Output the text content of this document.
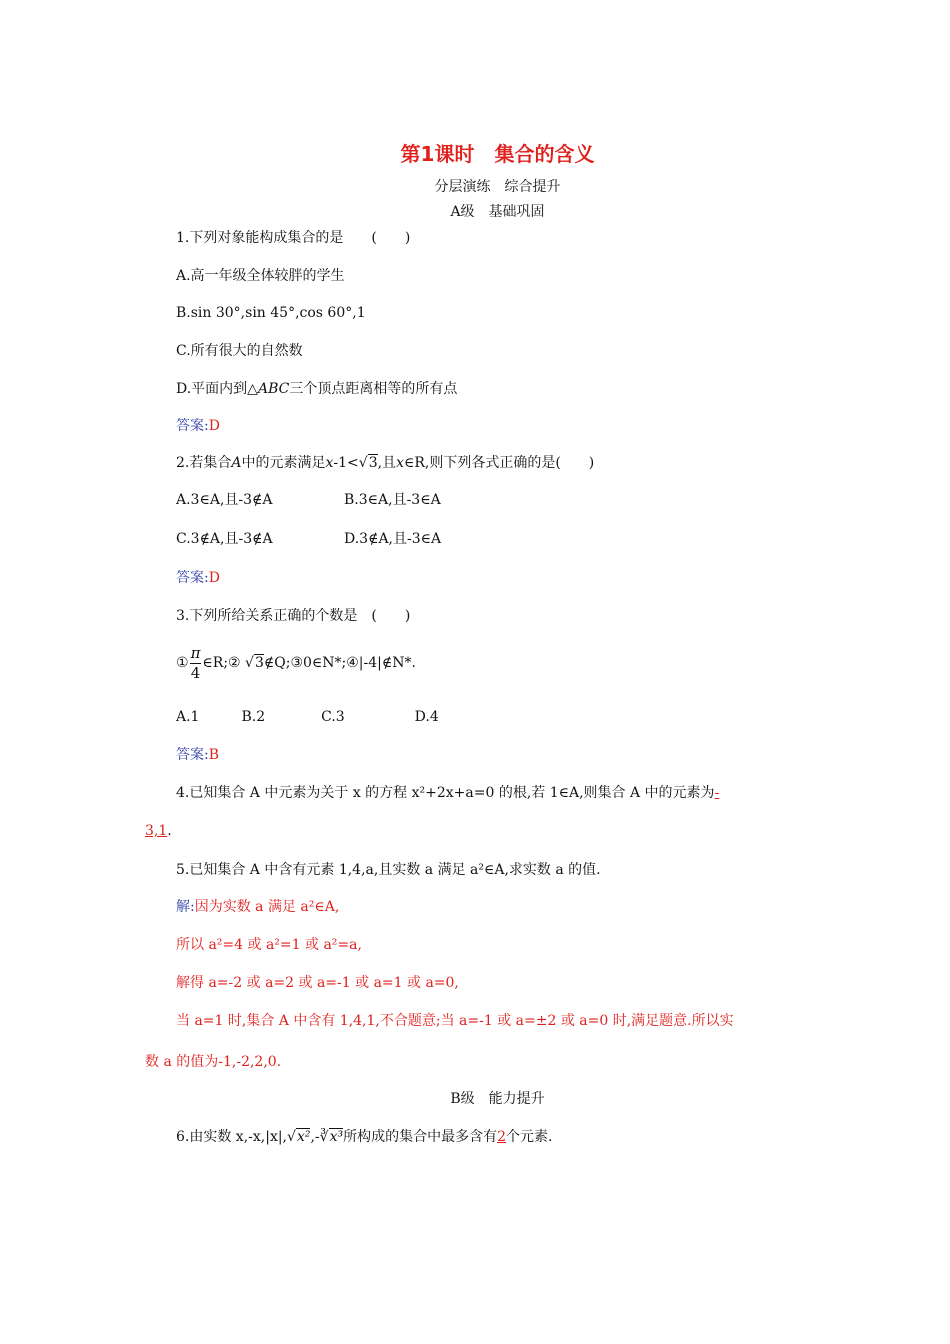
第1课时　集合的含义
分层演练　综合提升
A级　基础巩固
1.下列对象能构成集合的是　　(　　)
A.高一年级全体较胖的学生
B.sin 30°,sin 45°,cos 60°,1
C.所有很大的自然数
D.平面内到△ABC三个顶点距离相等的所有点
答案:D
2.若集合A中的元素满足x-1<√3,且x∈R,则下列各式正确的是(　　)
A.3∈A,且-3∉A	B.3∈A,且-3∈A
C.3∉A,且-3∉A	D.3∉A,且-3∈A
答案:D
3.下列所给关系正确的个数是　(　　)
① $\frac{\pi}{4}$ ∈R;② √3∉Q;③0∈N*;④|-4|∉N*.
A.1　　　B.2　　　　C.3　　　　　D.4
答案:B
4.已知集合 A 中元素为关于 x 的方程 x²+2x+a=0 的根,若 1∈A,则集合 A 中的元素为-
3,1.
5.已知集合 A 中含有元素 1,4,a,且实数 a 满足 a²∈A,求实数 a 的值.
解:因为实数 a 满足 a²∈A,
所以 a²=4 或 a²=1 或 a²=a,
解得 a=-2 或 a=2 或 a=-1 或 a=1 或 a=0,
当 a=1 时,集合 A 中含有 1,4,1,不合题意;当 a=-1 或 a=±2 或 a=0 时,满足题意.所以实
数 a 的值为-1,-2,2,0.
B级　能力提升
6.由实数 x,-x,|x|,√x²,-∛x³所构成的集合中最多含有2个元素.
